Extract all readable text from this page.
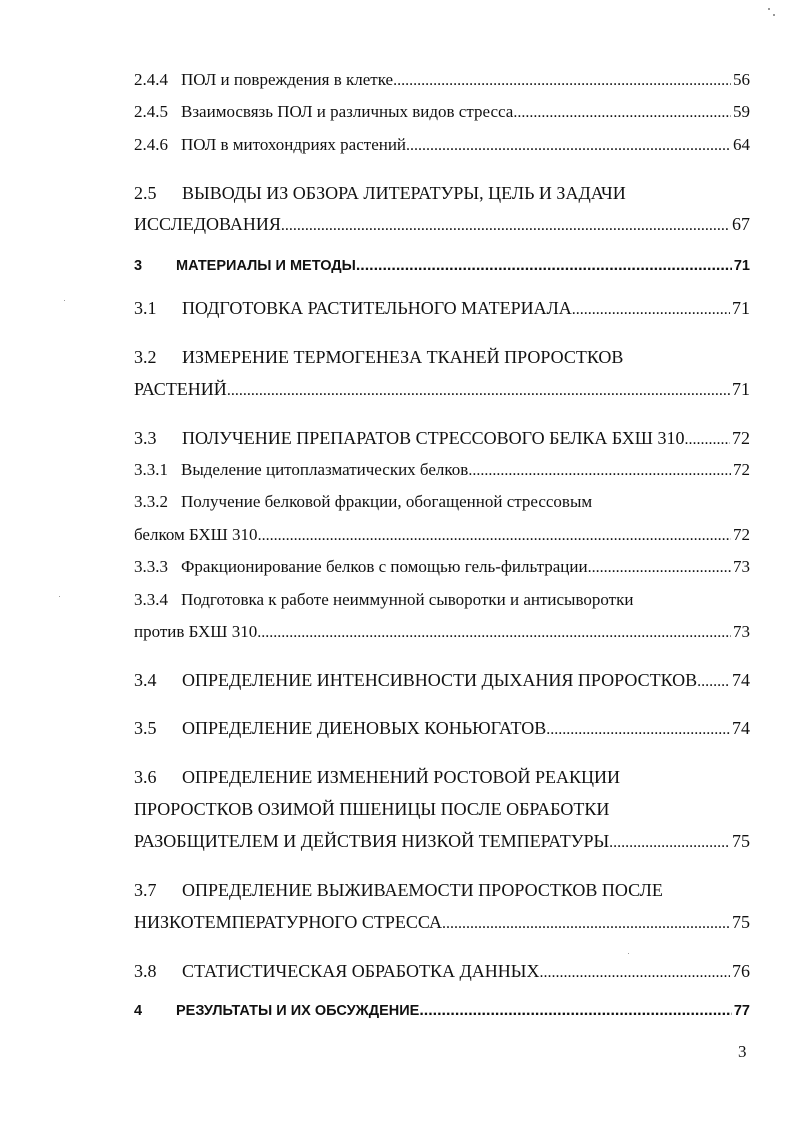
2.4.4 ПОЛ и повреждения в клетке .....	56
2.4.5 Взаимосвязь ПОЛ и различных видов стресса .....	59
2.4.6 ПОЛ в митохондриях растений .....	64
2.5 ВЫВОДЫ ИЗ ОБЗОРА ЛИТЕРАТУРЫ, ЦЕЛЬ И ЗАДАЧИ
ИССЛЕДОВАНИЯ .....	67
3 МАТЕРИАЛЫ И МЕТОДЫ .....	71
3.1 ПОДГОТОВКА РАСТИТЕЛЬНОГО МАТЕРИАЛА .....	71
3.2 ИЗМЕРЕНИЕ ТЕРМОГЕНЕЗА ТКАНЕЙ ПРОРОСТКОВ
РАСТЕНИЙ .....	71
3.3 ПОЛУЧЕНИЕ ПРЕПАРАТОВ СТРЕССОВОГО БЕЛКА БХШ 310 .....	72
3.3.1 Выделение цитоплазматических белков .....	72
3.3.2 Получение белковой фракции, обогащенной стрессовым
белком БХШ 310 .....	72
3.3.3 Фракционирование белков с помощью гель-фильтрации .....	73
3.3.4 Подготовка к работе неиммунной сыворотки и антисыворотки
против БХШ 310 .....	73
3.4 ОПРЕДЕЛЕНИЕ ИНТЕНСИВНОСТИ ДЫХАНИЯ ПРОРОСТКОВ ..... 74
3.5 ОПРЕДЕЛЕНИЕ ДИЕНОВЫХ КОНЬЮГАТОВ .....	74
3.6 ОПРЕДЕЛЕНИЕ ИЗМЕНЕНИЙ РОСТОВОЙ РЕАКЦИИ
ПРОРОСТКОВ ОЗИМОЙ ПШЕНИЦЫ ПОСЛЕ ОБРАБОТКИ
РАЗОБЩИТЕЛЕМ И ДЕЙСТВИЯ НИЗКОЙ ТЕМПЕРАТУРЫ .....	75
3.7 ОПРЕДЕЛЕНИЕ ВЫЖИВАЕМОСТИ ПРОРОСТКОВ ПОСЛЕ
НИЗКОТЕМПЕРАТУРНОГО СТРЕССА .....	75
3.8 СТАТИСТИЧЕСКАЯ ОБРАБОТКА ДАННЫХ .....	76
4 РЕЗУЛЬТАТЫ И ИХ ОБСУЖДЕНИЕ .....	77
3
